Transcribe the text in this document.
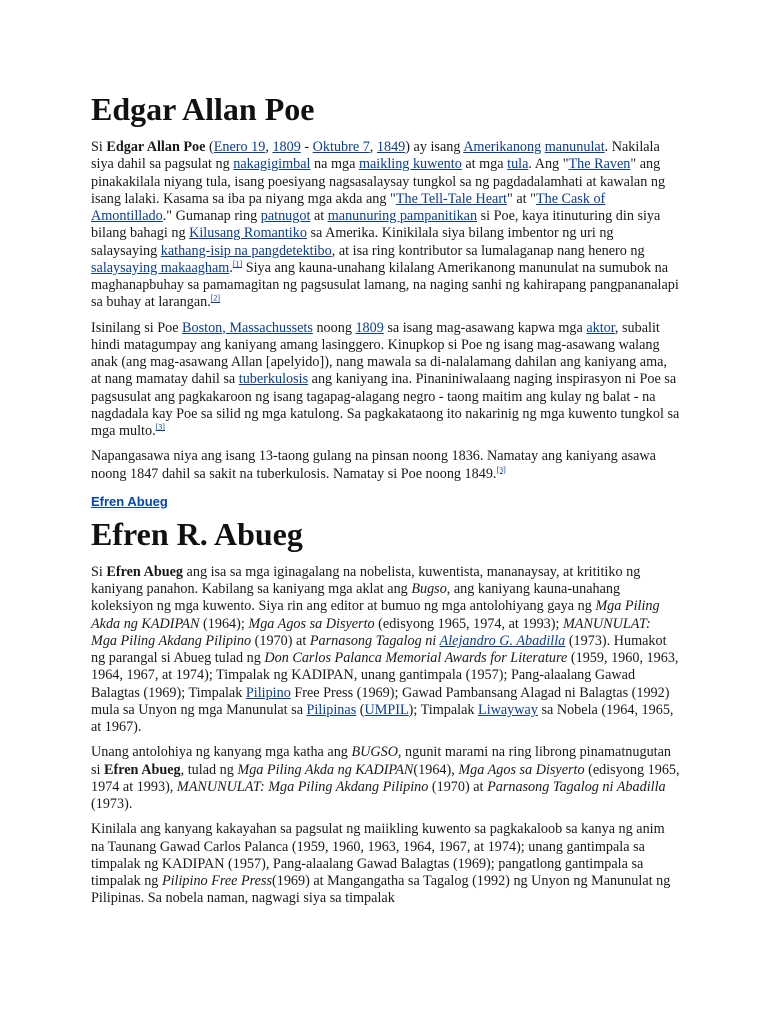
Edgar Allan Poe

Si Edgar Allan Poe (Enero 19, 1809 - Oktubre 7, 1849) ay isang Amerikanong manunulat. Nakilala siya dahil sa pagsulat ng nakagigimbal na mga maikling kuwento at mga tula. Ang "The Raven" ang pinakakilala niyang tula, isang poesiyang nagsasalaysay tungkol sa ng pagdadalamhati at kawalan ng isang lalaki. Kasama sa iba pa niyang mga akda ang "The Tell-Tale Heart" at "The Cask of Amontillado." Gumanap ring patnugot at manunuring pampanitikan si Poe, kaya itinuturing din siya bilang bahagi ng Kilusang Romantiko sa Amerika. Kinikilala siya bilang imbentor ng uri ng salaysaying kathang-isip na pangdetektibo, at isa ring kontributor sa lumalaganap nang henero ng salaysaying makaagham.[1] Siya ang kauna-unahang kilalang Amerikanong manunulat na sumubok na maghanapbuhay sa pamamagitan ng pagsusulat lamang, na naging sanhi ng kahirapang pangpananalapi sa buhay at larangan.[2]

Isinilang si Poe Boston, Massachussets noong 1809 sa isang mag-asawang kapwa mga aktor, subalit hindi matagumpay ang kaniyang amang lasinggero. Kinupkop si Poe ng isang mag-asawang walang anak (ang mag-asawang Allan [apelyido]), nang mawala sa di-nalalamang dahilan ang kaniyang ama, at nang mamatay dahil sa tuberkulosis ang kaniyang ina. Pinaniniwalaang naging inspirasyon ni Poe sa pagsusulat ang pagkakaroon ng isang tagapag-alagang negro - taong maitim ang kulay ng balat - na nagdadala kay Poe sa silid ng mga katulong. Sa pagkakataong ito nakarinig ng mga kuwento tungkol sa mga multo.[3]

Napangasawa niya ang isang 13-taong gulang na pinsan noong 1836. Namatay ang kaniyang asawa noong 1847 dahil sa sakit na tuberkulosis. Namatay si Poe noong 1849.[3]

Efren Abueg
Efren R. Abueg

Si Efren Abueg ang isa sa mga iginagalang na nobelista, kuwentista, mananaysay, at krititiko ng kaniyang panahon. Kabilang sa kaniyang mga aklat ang Bugso, ang kaniyang kauna-unahang koleksiyon ng mga kuwento. Siya rin ang editor at bumuo ng mga antolohiyang gaya ng Mga Piling Akda ng KADIPAN (1964); Mga Agos sa Disyerto (edisyong 1965, 1974, at 1993); MANUNULAT: Mga Piling Akdang Pilipino (1970) at Parnasong Tagalog ni Alejandro G. Abadilla (1973). Humakot ng parangal si Abueg tulad ng Don Carlos Palanca Memorial Awards for Literature (1959, 1960, 1963, 1964, 1967, at 1974); Timpalak ng KADIPAN, unang gantimpala (1957); Pang-alaalang Gawad Balagtas (1969); Timpalak Pilipino Free Press (1969); Gawad Pambansang Alagad ni Balagtas (1992) mula sa Unyon ng mga Manunulat sa Pilipinas (UMPIL); Timpalak Liwayway sa Nobela (1964, 1965, at 1967).

Unang antolohiya ng kanyang mga katha ang BUGSO, ngunit marami na ring librong pinamatnugutan si Efren Abueg, tulad ng Mga Piling Akda ng KADIPAN(1964), Mga Agos sa Disyerto (edisyong 1965, 1974 at 1993), MANUNULAT: Mga Piling Akdang Pilipino (1970) at Parnasong Tagalog ni Abadilla (1973).

Kinilala ang kanyang kakayahan sa pagsulat ng maiikling kuwento sa pagkakaloob sa kanya ng anim na Taunang Gawad Carlos Palanca (1959, 1960, 1963, 1964, 1967, at 1974); unang gantimpala sa timpalak ng KADIPAN (1957), Pang-alaalang Gawad Balagtas (1969); pangatlong gantimpala sa timpalak ng Pilipino Free Press(1969) at Mangangatha sa Tagalog (1992) ng Unyon ng Manunulat ng Pilipinas. Sa nobela naman, nagwagi siya sa timpalak
